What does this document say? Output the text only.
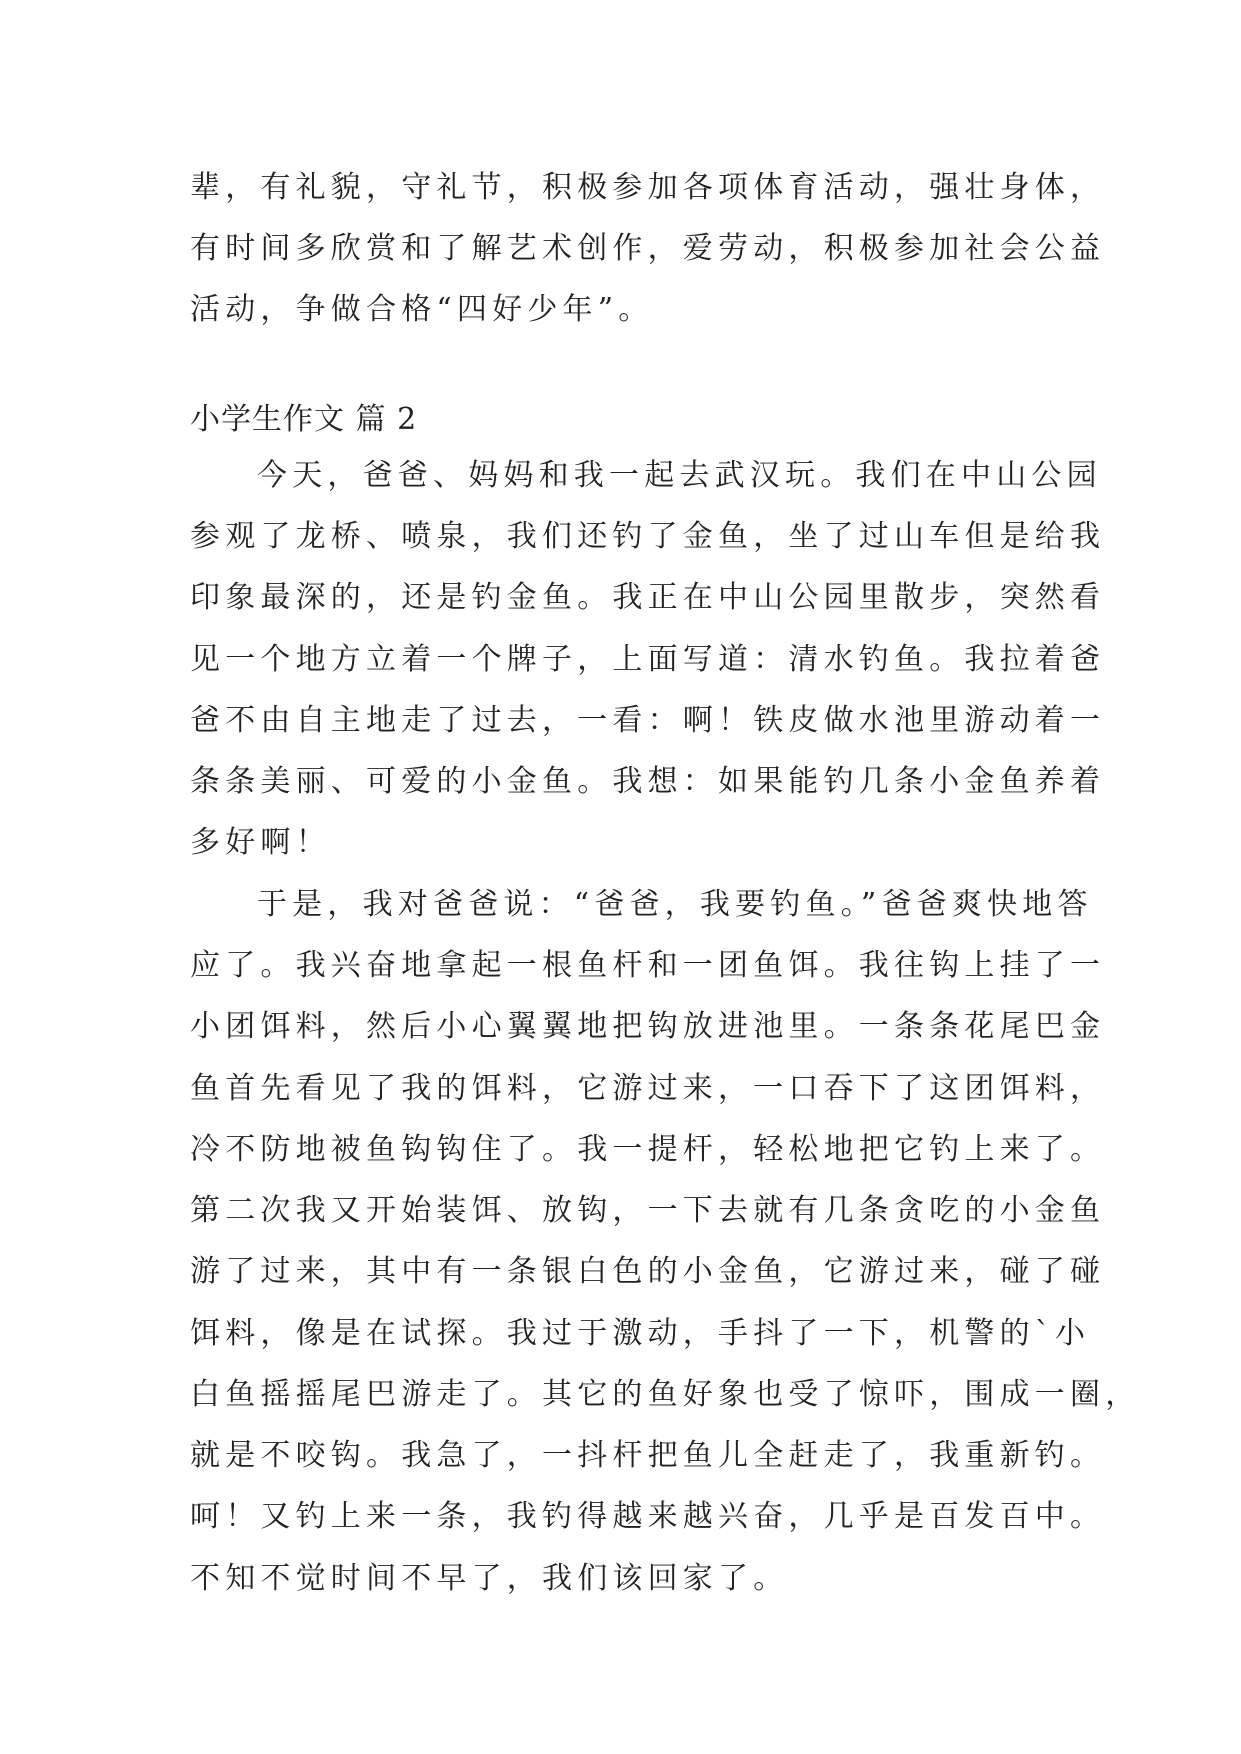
辈，有礼貌，守礼节，积极参加各项体育活动，强壮身体，

有时间多欣赏和了解艺术创作，爱劳动，积极参加社会公益

活动，争做合格“四好少年”。

小学生作文 篇 2

今天，爸爸、妈妈和我一起去武汉玩。我们在中山公园

参观了龙桥、喷泉，我们还钓了金鱼，坐了过山车但是给我

印象最深的，还是钓金鱼。我正在中山公园里散步，突然看

见一个地方立着一个牌子，上面写道：清水钓鱼。我拉着爸

爸不由自主地走了过去，一看：啊！铁皮做水池里游动着一

条条美丽、可爱的小金鱼。我想：如果能钓几条小金鱼养着

多好啊！

于是，我对爸爸说：“爸爸，我要钓鱼。”爸爸爽快地答

应了。我兴奋地拿起一根鱼杆和一团鱼饵。我往钩上挂了一

小团饵料，然后小心翼翼地把钩放进池里。一条条花尾巴金

鱼首先看见了我的饵料，它游过来，一口吞下了这团饵料，

冷不防地被鱼钩钩住了。我一提杆，轻松地把它钓上来了。

第二次我又开始装饵、放钩，一下去就有几条贪吃的小金鱼

游了过来，其中有一条银白色的小金鱼，它游过来，碰了碰

饵料，像是在试探。我过于激动，手抖了一下，机警的`小

白鱼摇摇尾巴游走了。其它的鱼好象也受了惊吓，围成一圈，

就是不咬钩。我急了，一抖杆把鱼儿全赶走了，我重新钓。

呵！又钓上来一条，我钓得越来越兴奋，几乎是百发百中。

不知不觉时间不早了，我们该回家了。
